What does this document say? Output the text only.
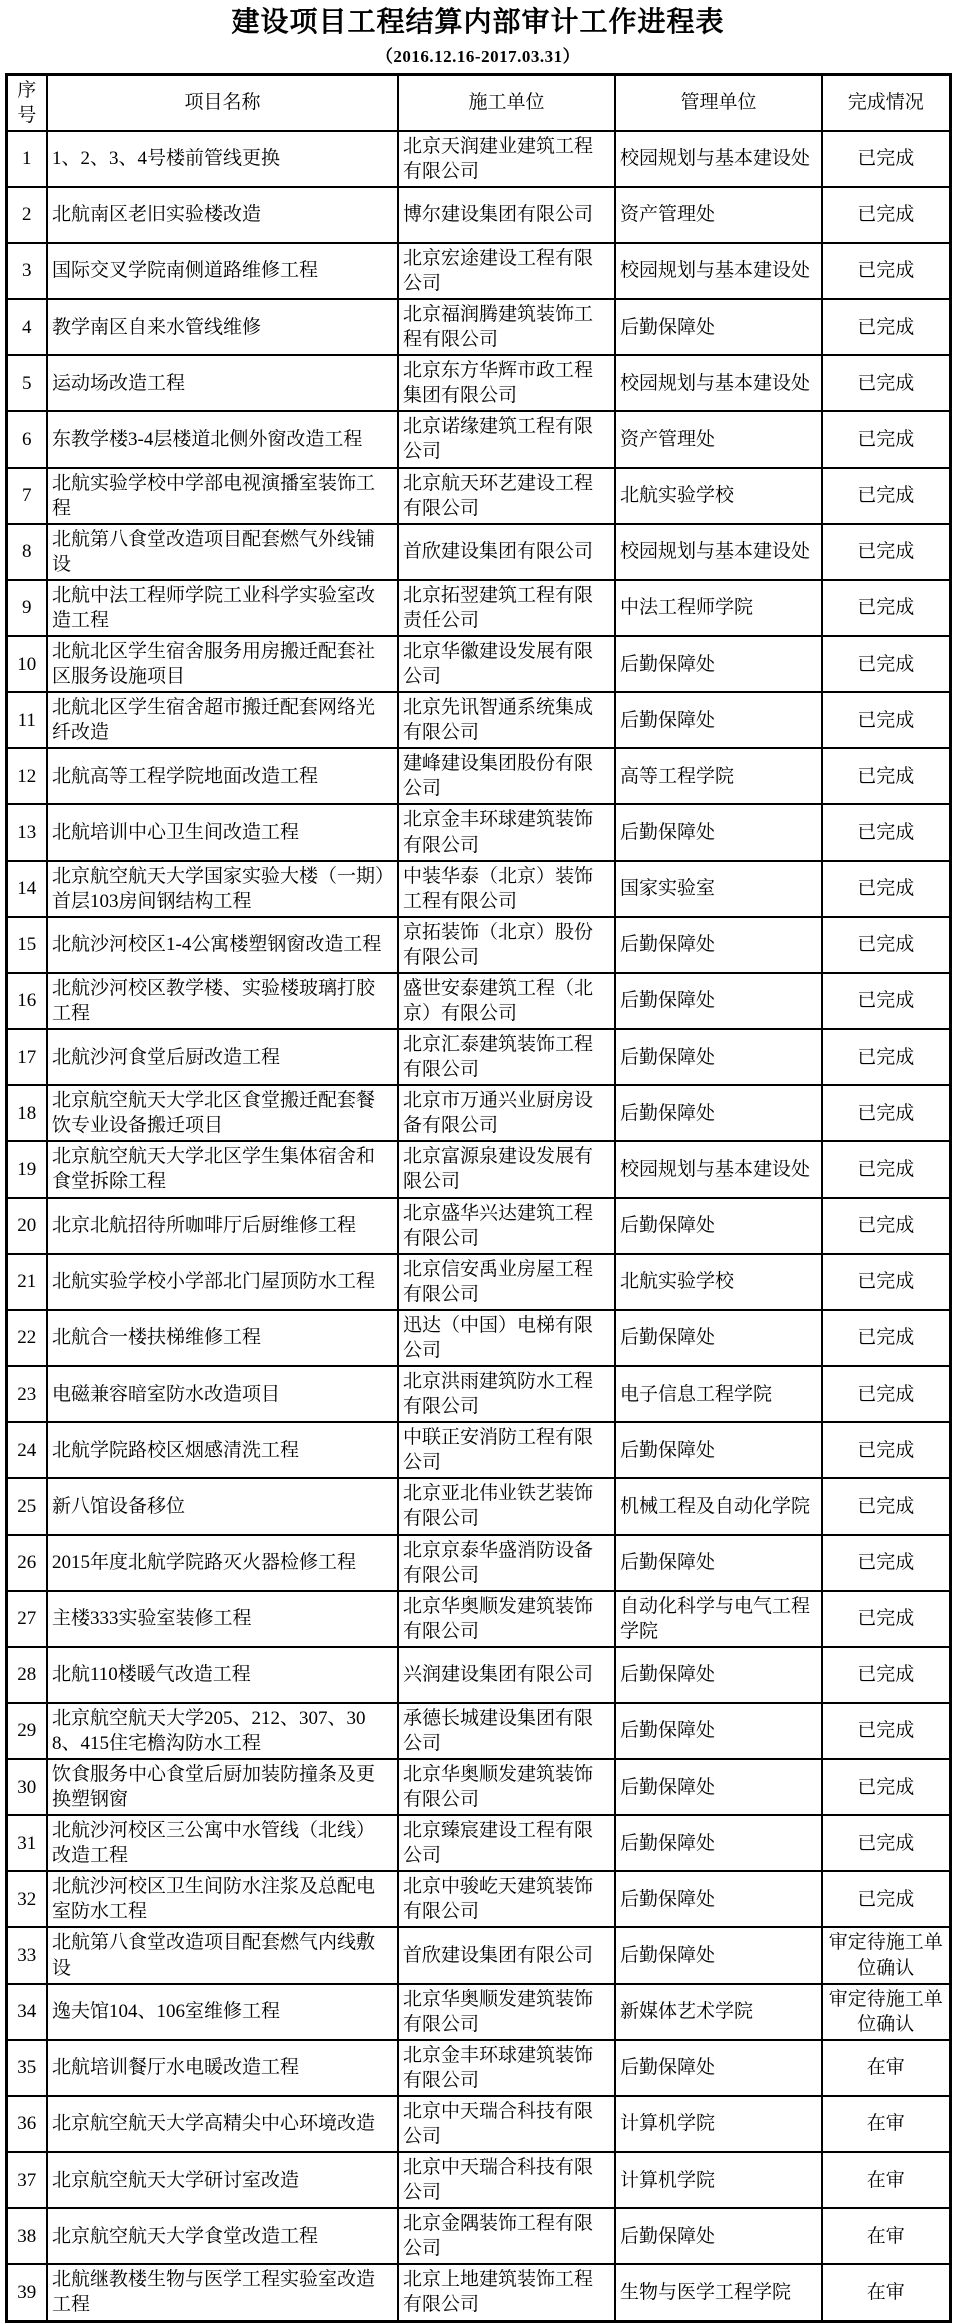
建设项目工程结算内部审计工作进程表
（2016.12.16-2017.03.31）
序号	项目名称	施工单位	管理单位	完成情况
1	1、2、3、4号楼前管线更换	北京天润建业建筑工程有限公司	校园规划与基本建设处	已完成
2	北航南区老旧实验楼改造	博尔建设集团有限公司	资产管理处	已完成
3	国际交叉学院南侧道路维修工程	北京宏途建设工程有限公司	校园规划与基本建设处	已完成
4	教学南区自来水管线维修	北京福润腾建筑装饰工程有限公司	后勤保障处	已完成
5	运动场改造工程	北京东方华辉市政工程集团有限公司	校园规划与基本建设处	已完成
6	东教学楼3-4层楼道北侧外窗改造工程	北京诺缘建筑工程有限公司	资产管理处	已完成
7	北航实验学校中学部电视演播室装饰工程	北京航天环艺建设工程有限公司	北航实验学校	已完成
8	北航第八食堂改造项目配套燃气外线铺设	首欣建设集团有限公司	校园规划与基本建设处	已完成
9	北航中法工程师学院工业科学实验室改造工程	北京拓翌建筑工程有限责任公司	中法工程师学院	已完成
10	北航北区学生宿舍服务用房搬迁配套社区服务设施项目	北京华徽建设发展有限公司	后勤保障处	已完成
11	北航北区学生宿舍超市搬迁配套网络光纤改造	北京先讯智通系统集成有限公司	后勤保障处	已完成
12	北航高等工程学院地面改造工程	建峰建设集团股份有限公司	高等工程学院	已完成
13	北航培训中心卫生间改造工程	北京金丰环球建筑装饰有限公司	后勤保障处	已完成
14	北京航空航天大学国家实验大楼（一期）首层103房间钢结构工程	中装华泰（北京）装饰工程有限公司	国家实验室	已完成
15	北航沙河校区1-4公寓楼塑钢窗改造工程	京拓装饰（北京）股份有限公司	后勤保障处	已完成
16	北航沙河校区教学楼、实验楼玻璃打胶工程	盛世安泰建筑工程（北京）有限公司	后勤保障处	已完成
17	北航沙河食堂后厨改造工程	北京汇泰建筑装饰工程有限公司	后勤保障处	已完成
18	北京航空航天大学北区食堂搬迁配套餐饮专业设备搬迁项目	北京市万通兴业厨房设备有限公司	后勤保障处	已完成
19	北京航空航天大学北区学生集体宿舍和食堂拆除工程	北京富源泉建设发展有限公司	校园规划与基本建设处	已完成
20	北京北航招待所咖啡厅后厨维修工程	北京盛华兴达建筑工程有限公司	后勤保障处	已完成
21	北航实验学校小学部北门屋顶防水工程	北京信安禹业房屋工程有限公司	北航实验学校	已完成
22	北航合一楼扶梯维修工程	迅达（中国）电梯有限公司	后勤保障处	已完成
23	电磁兼容暗室防水改造项目	北京洪雨建筑防水工程有限公司	电子信息工程学院	已完成
24	北航学院路校区烟感清洗工程	中联正安消防工程有限公司	后勤保障处	已完成
25	新八馆设备移位	北京亚北伟业铁艺装饰有限公司	机械工程及自动化学院	已完成
26	2015年度北航学院路灭火器检修工程	北京京泰华盛消防设备有限公司	后勤保障处	已完成
27	主楼333实验室装修工程	北京华奥顺发建筑装饰有限公司	自动化科学与电气工程学院	已完成
28	北航110楼暖气改造工程	兴润建设集团有限公司	后勤保障处	已完成
29	北京航空航天大学205、212、307、308、415住宅檐沟防水工程	承德长城建设集团有限公司	后勤保障处	已完成
30	饮食服务中心食堂后厨加装防撞条及更换塑钢窗	北京华奥顺发建筑装饰有限公司	后勤保障处	已完成
31	北航沙河校区三公寓中水管线（北线）改造工程	北京臻宸建设工程有限公司	后勤保障处	已完成
32	北航沙河校区卫生间防水注浆及总配电室防水工程	北京中骏屹天建筑装饰有限公司	后勤保障处	已完成
33	北航第八食堂改造项目配套燃气内线敷设	首欣建设集团有限公司	后勤保障处	审定待施工单位确认
34	逸夫馆104、106室维修工程	北京华奥顺发建筑装饰有限公司	新媒体艺术学院	审定待施工单位确认
35	北航培训餐厅水电暖改造工程	北京金丰环球建筑装饰有限公司	后勤保障处	在审
36	北京航空航天大学高精尖中心环境改造	北京中天瑞合科技有限公司	计算机学院	在审
37	北京航空航天大学研讨室改造	北京中天瑞合科技有限公司	计算机学院	在审
38	北京航空航天大学食堂改造工程	北京金隅装饰工程有限公司	后勤保障处	在审
39	北航继教楼生物与医学工程实验室改造工程	北京上地建筑装饰工程有限公司	生物与医学工程学院	在审
